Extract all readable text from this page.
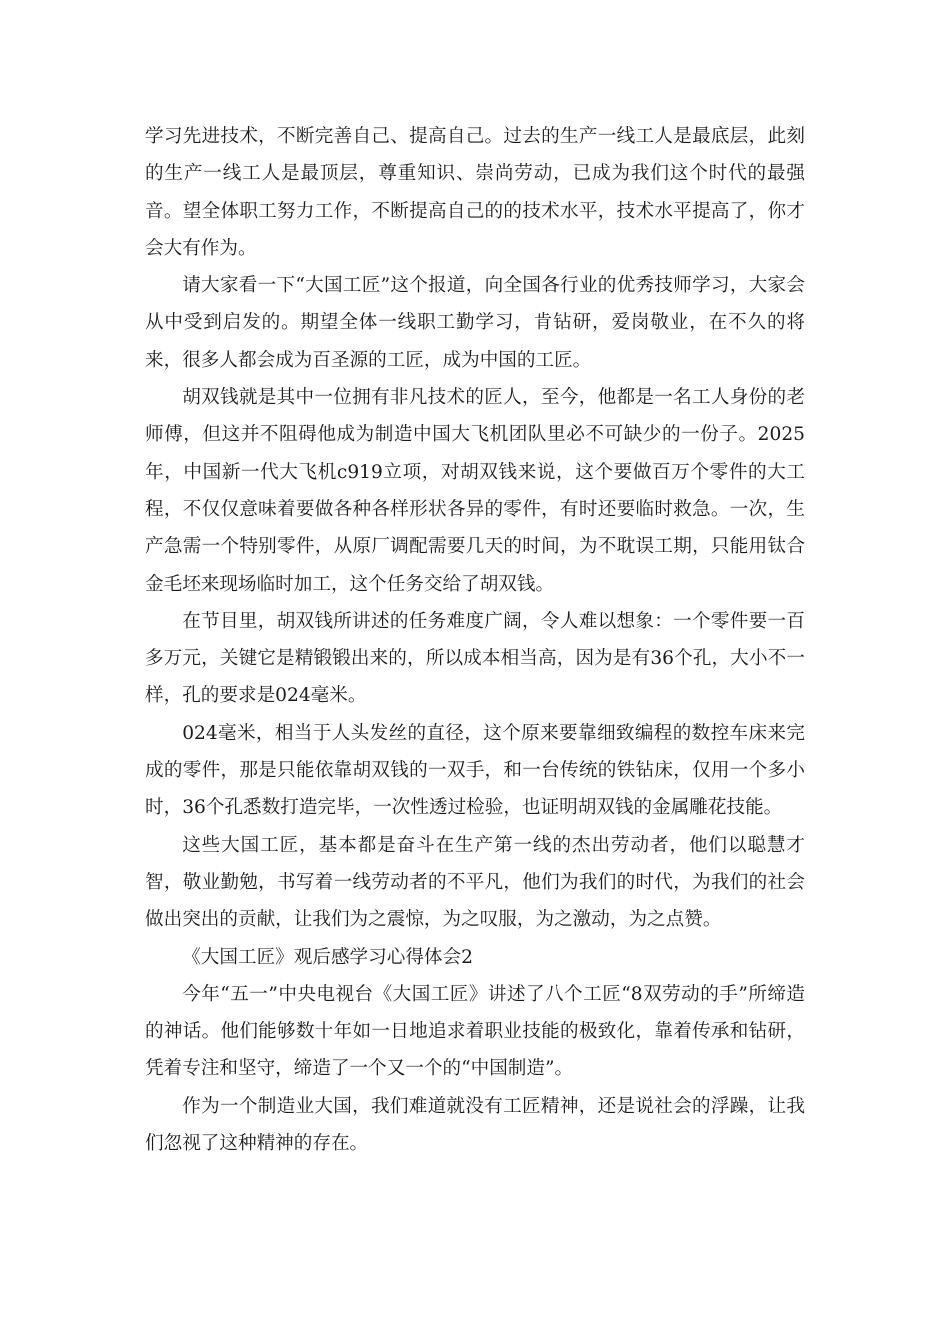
学习先进技术，不断完善自己、提高自己。过去的生产一线工人是最底层，此刻的生产一线工人是最顶层，尊重知识、崇尚劳动，已成为我们这个时代的最强音。望全体职工努力工作，不断提高自己的的技术水平，技术水平提高了，你才会大有作为。

请大家看一下“大国工匠”这个报道，向全国各行业的优秀技师学习，大家会从中受到启发的。期望全体一线职工勤学习，肯钻研，爱岗敬业，在不久的将来，很多人都会成为百圣源的工匠，成为中国的工匠。

胡双钱就是其中一位拥有非凡技术的匠人，至今，他都是一名工人身份的老师傅，但这并不阻碍他成为制造中国大飞机团队里必不可缺少的一份子。2025年，中国新一代大飞机c919立项，对胡双钱来说，这个要做百万个零件的大工程，不仅仅意味着要做各种各样形状各异的零件，有时还要临时救急。一次，生产急需一个特别零件，从原厂调配需要几天的时间，为不耽误工期，只能用钛合金毛坯来现场临时加工，这个任务交给了胡双钱。

在节目里，胡双钱所讲述的任务难度广阔，令人难以想象：一个零件要一百多万元，关键它是精锻锻出来的，所以成本相当高，因为是有36个孔，大小不一样，孔的要求是024毫米。

024毫米，相当于人头发丝的直径，这个原来要靠细致编程的数控车床来完成的零件，那是只能依靠胡双钱的一双手，和一台传统的铁钻床，仅用一个多小时，36个孔悉数打造完毕，一次性透过检验，也证明胡双钱的金属雕花技能。

这些大国工匠，基本都是奋斗在生产第一线的杰出劳动者，他们以聪慧才智，敬业勤勉，书写着一线劳动者的不平凡，他们为我们的时代，为我们的社会做出突出的贡献，让我们为之震惊，为之叹服，为之激动，为之点赞。

《大国工匠》观后感学习心得体会2

今年“五一”中央电视台《大国工匠》讲述了八个工匠“8双劳动的手”所缔造的神话。他们能够数十年如一日地追求着职业技能的极致化，靠着传承和钻研，凭着专注和坚守，缔造了一个又一个的“中国制造”。

作为一个制造业大国，我们难道就没有工匠精神，还是说社会的浮躁，让我们忽视了这种精神的存在。
